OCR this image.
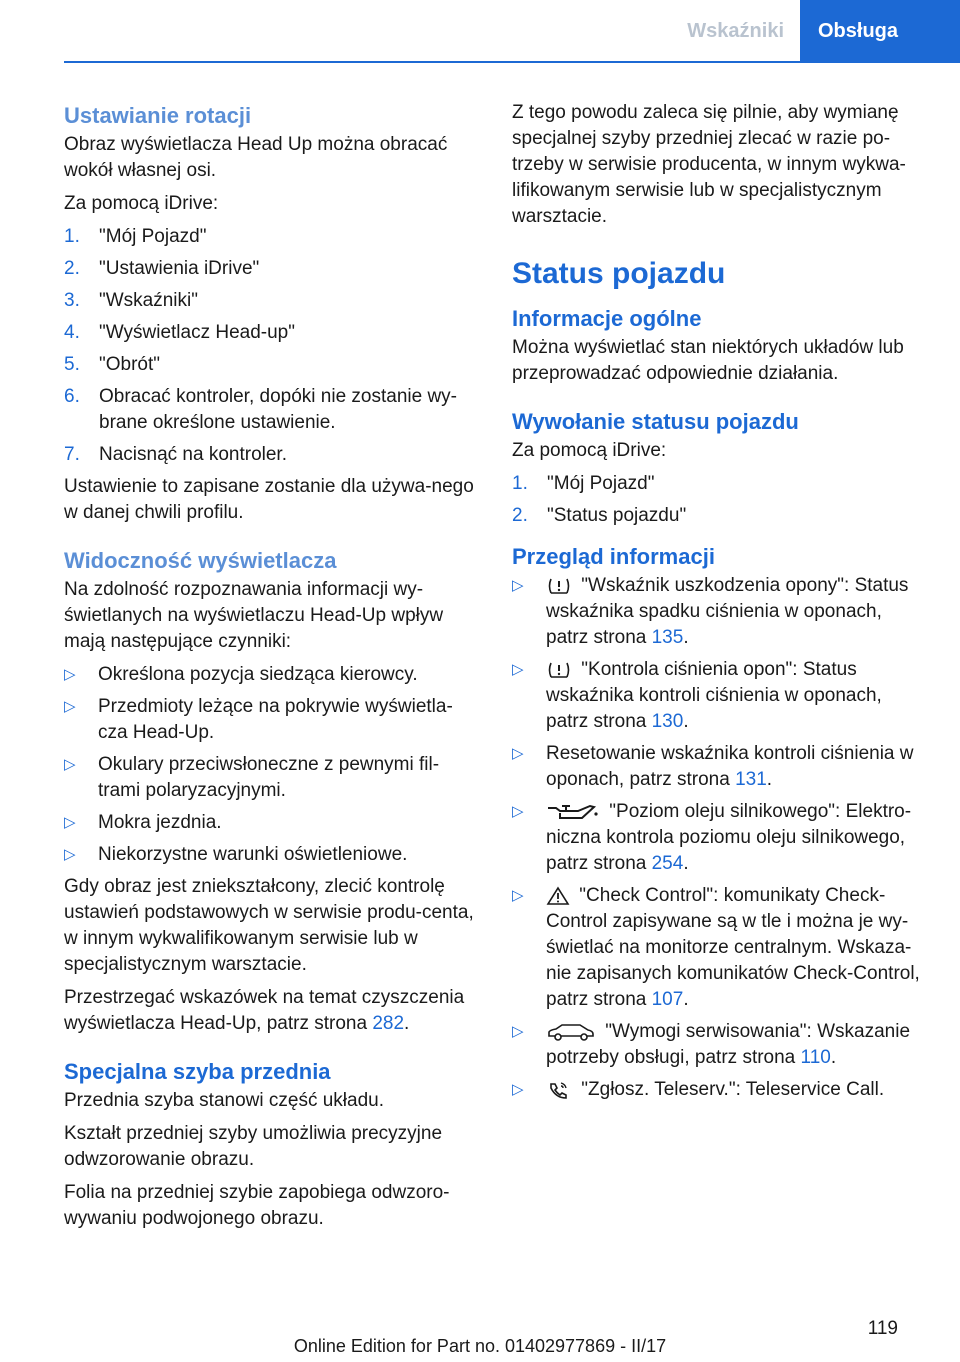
Wskaźniki	Obsługa
Ustawianie rotacji

Obraz wyświetlacza Head Up można obracać wokół własnej osi.

Za pomocą iDrive:

1.	"Mój Pojazd"
2.	"Ustawienia iDrive"
3.	"Wskaźniki"
4.	"Wyświetlacz Head-up"
5.	"Obrót"
6.	Obracać kontroler, dopóki nie zostanie wy-brane określone ustawienie.
7.	Nacisnąć na kontroler.

Ustawienie to zapisane zostanie dla używa-nego w danej chwili profilu.

Widoczność wyświetlacza

Na zdolność rozpoznawania informacji wy-świetlanych na wyświetlaczu Head-Up wpływ mają następujące czynniki:

▷	Określona pozycja siedząca kierowcy.
▷	Przedmioty leżące na pokrywie wyświetla-cza Head-Up.
▷	Okulary przeciwsłoneczne z pewnymi fil-trami polaryzacyjnymi.
▷	Mokra jezdnia.
▷	Niekorzystne warunki oświetleniowe.

Gdy obraz jest zniekształcony, zlecić kontrolę ustawień podstawowych w serwisie produ-centa, w innym wykwalifikowanym serwisie lub w specjalistycznym warsztacie.

Przestrzegać wskazówek na temat czyszczenia wyświetlacza Head-Up, patrz strona 282.

Specjalna szyba przednia

Przednia szyba stanowi część układu.

Kształt przedniej szyby umożliwia precyzyjne odwzorowanie obrazu.

Folia na przedniej szybie zapobiega odwzoro-wywaniu podwojonego obrazu.

Z tego powodu zaleca się pilnie, aby wymianę specjalnej szyby przedniej zlecać w razie po-trzeby w serwisie producenta, w innym wykwa-lifikowanym serwisie lub w specjalistycznym warsztacie.

Status pojazdu
Informacje ogólne

Można wyświetlać stan niektórych układów lub przeprowadzać odpowiednie działania.

Wywołanie statusu pojazdu

Za pomocą iDrive:

1.	"Mój Pojazd"
2.	"Status pojazdu"
Przegląd informacji
▷	"Wskaźnik uszkodzenia opony": Status wskaźnika spadku ciśnienia w oponach, patrz strona 135.
▷	"Kontrola ciśnienia opon": Status wskaźnika kontroli ciśnienia w oponach, patrz strona 130.
▷	Resetowanie wskaźnika kontroli ciśnienia w oponach, patrz strona 131.
▷	"Poziom oleju silnikowego": Elektro-niczna kontrola poziomu oleju silnikowego, patrz strona 254.
▷	"Check Control": komunikaty Check-Control zapisywane są w tle i można je wy-świetlać na monitorze centralnym. Wskaza-nie zapisanych komunikatów Check-Control, patrz strona 107.
▷	"Wymogi serwisowania": Wskazanie potrzeby obsługi, patrz strona 110.
▷	"Zgłosz. Teleserv.": Teleservice Call.
119
Online Edition for Part no. 01402977869 - II/17
